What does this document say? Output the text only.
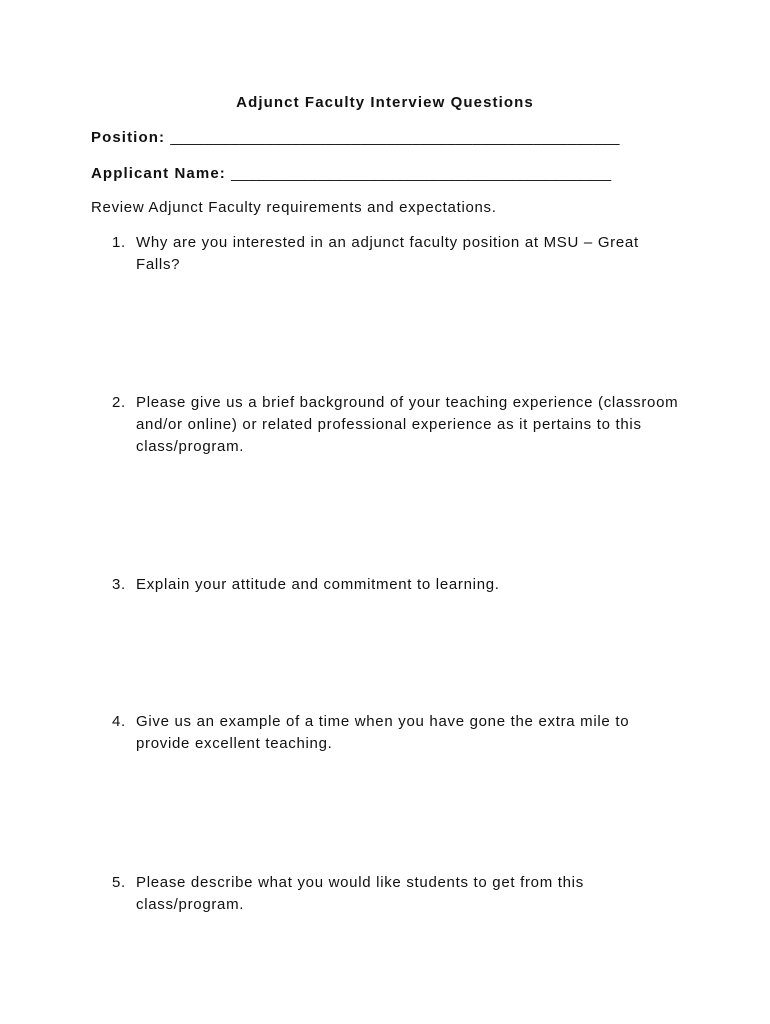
Adjunct Faculty Interview Questions
Position: ____________________________________________________
Applicant Name: ____________________________________________
Review Adjunct Faculty requirements and expectations.
1. Why are you interested in an adjunct faculty position at MSU – Great Falls?
2. Please give us a brief background of your teaching experience (classroom and/or online) or related professional experience as it pertains to this class/program.
3. Explain your attitude and commitment to learning.
4. Give us an example of a time when you have gone the extra mile to provide excellent teaching.
5. Please describe what you would like students to get from this class/program.
